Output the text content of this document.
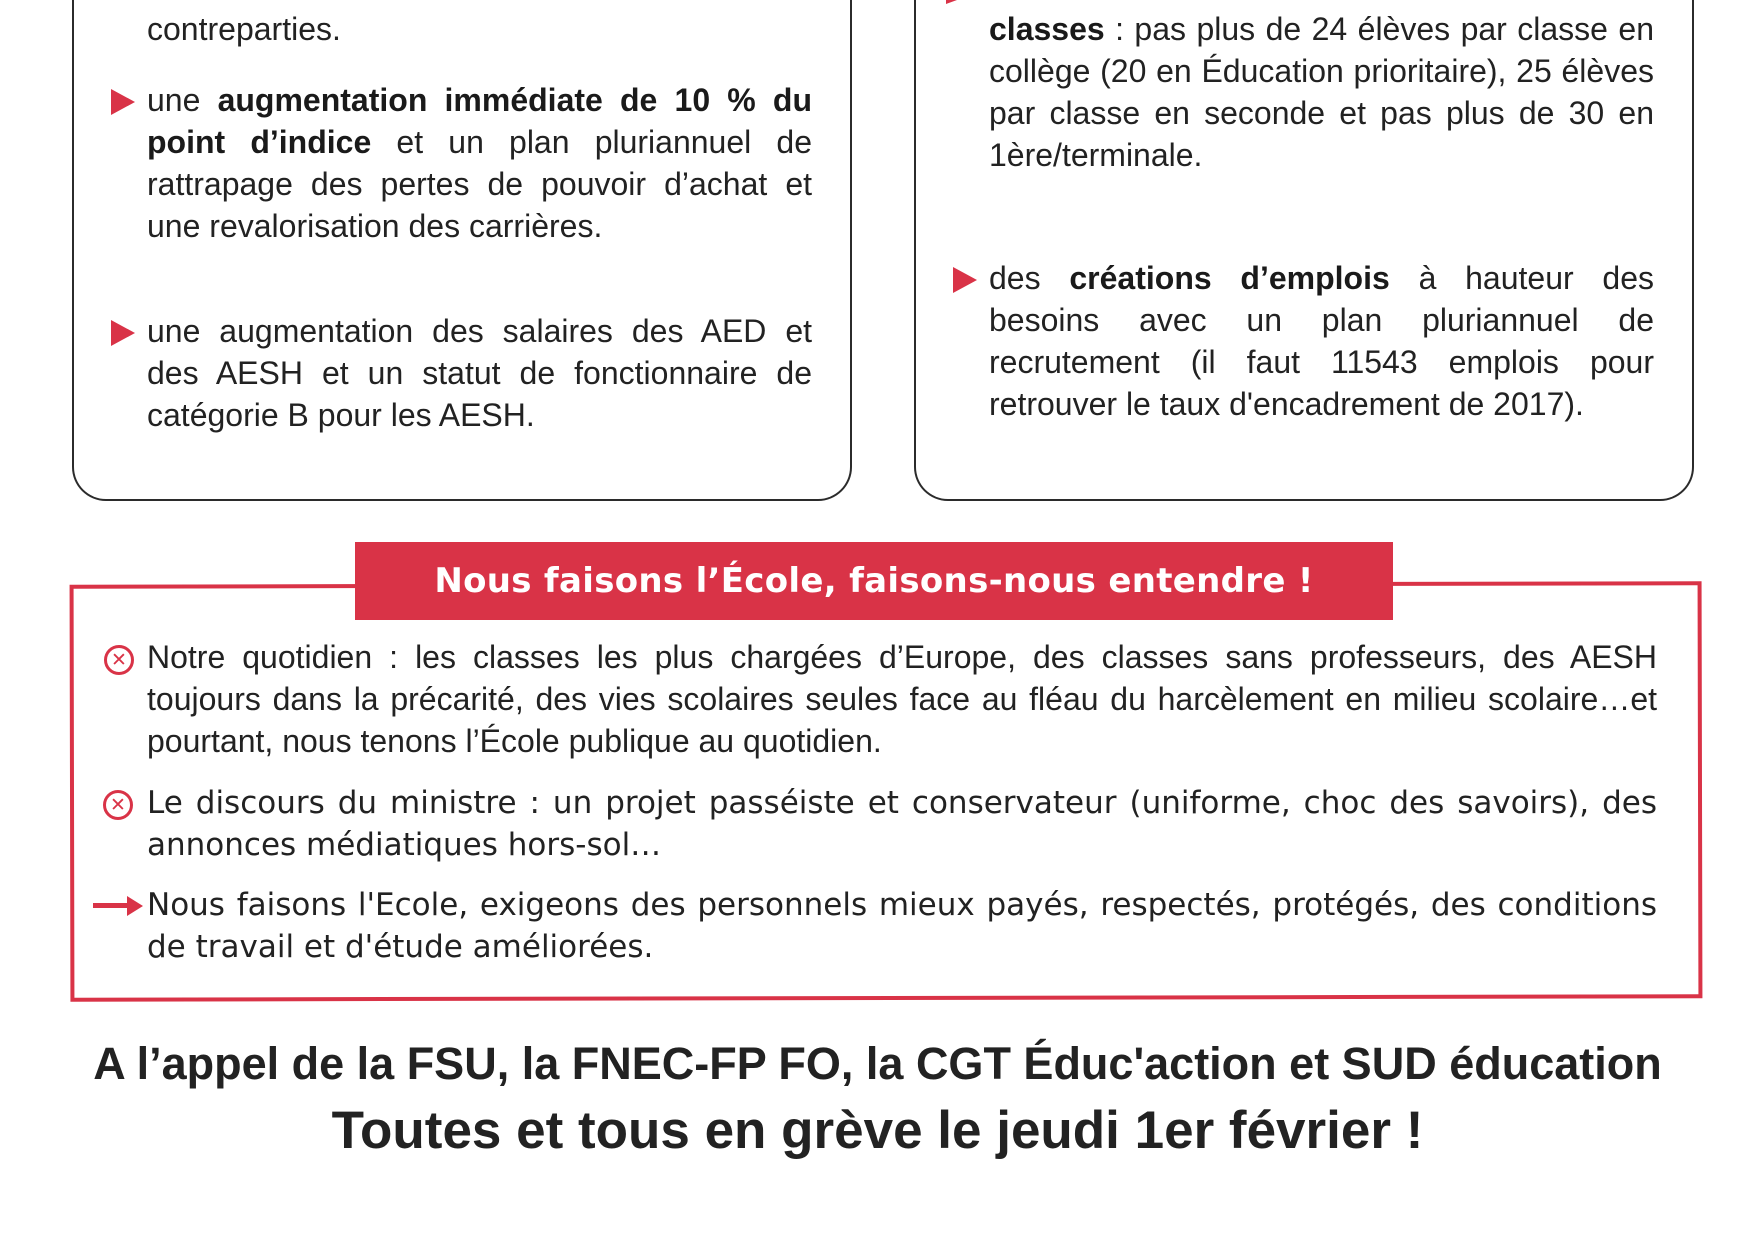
contreparties.

une augmentation immédiate de 10 % du point d’indice et un plan pluriannuel de rattrapage des pertes de pouvoir d’achat et une revalorisation des carrières.

une augmentation des salaires des AED et des AESH et un statut de fonctionnaire de catégorie B pour les AESH.

classes : pas plus de 24 élèves par classe en collège (20 en Éducation prioritaire), 25 élèves par classe en seconde et pas plus de 30 en 1ère/terminale.

des créations d’emplois à hauteur des besoins avec un plan pluriannuel de recrutement (il faut 11543 emplois pour retrouver le taux d'encadrement de 2017).

Nous faisons l’École, faisons-nous entendre !
✕ Notre quotidien : les classes les plus chargées d’Europe, des classes sans professeurs, des AESH toujours dans la précarité, des vies scolaires seules face au fléau du harcèlement en milieu scolaire…et pourtant, nous tenons l’École publique au quotidien.

✕ Le discours du ministre : un projet passéiste et conservateur (uniforme, choc des savoirs), des annonces médiatiques hors-sol…

Nous faisons l'Ecole, exigeons des personnels mieux payés, respectés, protégés, des conditions de travail et d'étude améliorées.

A l’appel de la FSU, la FNEC-FP FO, la CGT Éduc'action et SUD éducation

Toutes et tous en grève le jeudi 1er février !
